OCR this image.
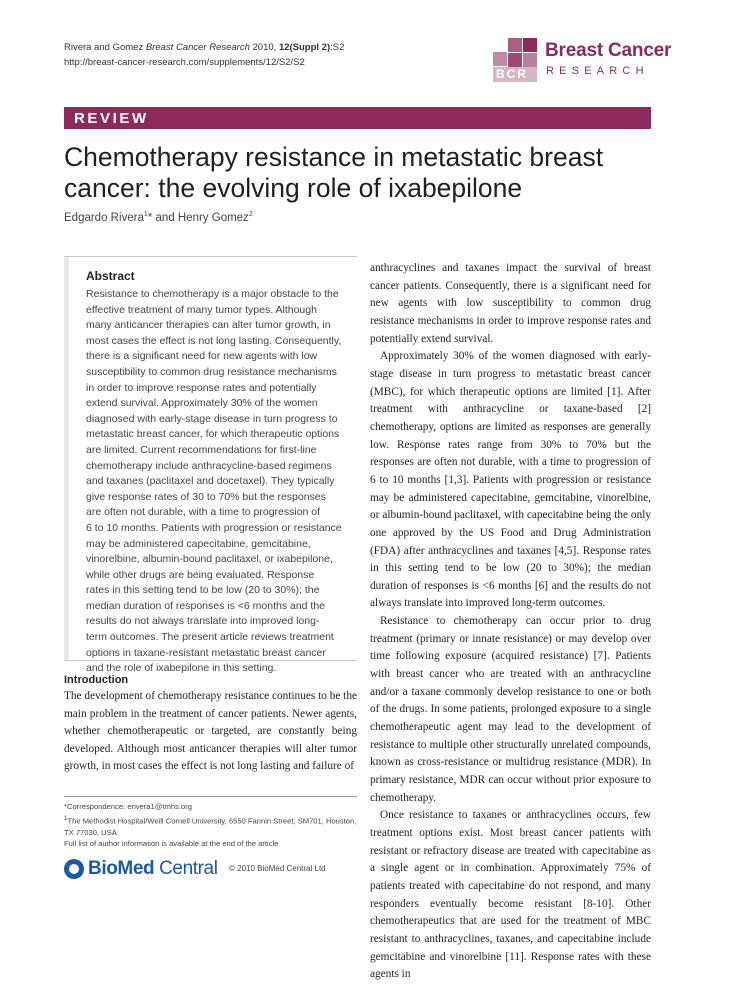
Rivera and Gomez Breast Cancer Research 2010, 12(Suppl 2):S2
http://breast-cancer-research.com/supplements/12/S2/S2
BCR
Breast Cancer
RESEARCH
REVIEW
Chemotherapy resistance in metastatic breast cancer: the evolving role of ixabepilone
Edgardo Rivera$^1$* and Henry Gomez$^2$
Abstract
Resistance to chemotherapy is a major obstacle to the
effective treatment of many tumor types. Although
many anticancer therapies can alter tumor growth, in
most cases the effect is not long lasting. Consequently,
there is a significant need for new agents with low
susceptibility to common drug resistance mechanisms
in order to improve response rates and potentially
extend survival. Approximately 30% of the women
diagnosed with early-stage disease in turn progress to
metastatic breast cancer, for which therapeutic options
are limited. Current recommendations for first-line
chemotherapy include anthracycline-based regimens
and taxanes (paclitaxel and docetaxel). They typically
give response rates of 30 to 70% but the responses
are often not durable, with a time to progression of
6 to 10 months. Patients with progression or resistance
may be administered capecitabine, gemcitabine,
vinorelbine, albumin-bound paclitaxel, or ixabepilone,
while other drugs are being evaluated. Response
rates in this setting tend to be low (20 to 30%); the
median duration of responses is <6 months and the
results do not always translate into improved long-
term outcomes. The present article reviews treatment
options in taxane-resistant metastatic breast cancer
and the role of ixabepilone in this setting.
Introduction
The development of chemotherapy resistance continues to be the main problem in the treatment of cancer patients. Newer agents, whether chemotherapeutic or targeted, are constantly being developed. Although most anticancer therapies will alter tumor growth, in most cases the effect is not long lasting and failure of
*Correspondence: erivera1@tmhs.org
$^1$The Methodist Hospital/Weill Cornell University, 6550 Fannin Street, SM701, Houston, TX 77030, USA
Full list of author information is available at the end of the article
BioMed Central © 2010 BioMed Central Ltd

anthracyclines and taxanes impact the survival of breast cancer patients. Consequently, there is a significant need for new agents with low susceptibility to common drug resistance mechanisms in order to improve response rates and potentially extend survival.

Approximately 30% of the women diagnosed with early-stage disease in turn progress to metastatic breast cancer (MBC), for which therapeutic options are limited [1]. After treatment with anthracycline or taxane-based [2] chemotherapy, options are limited as responses are generally low. Response rates range from 30% to 70% but the responses are often not durable, with a time to progression of 6 to 10 months [1,3]. Patients with progression or resistance may be administered capecitabine, gemcitabine, vinorelbine, or albumin-bound paclitaxel, with capecitabine being the only one approved by the US Food and Drug Administration (FDA) after anthracyclines and taxanes [4,5]. Response rates in this setting tend to be low (20 to 30%); the median duration of responses is <6 months [6] and the results do not always translate into improved long-term outcomes.

Resistance to chemotherapy can occur prior to drug treatment (primary or innate resistance) or may develop over time following exposure (acquired resistance) [7]. Patients with breast cancer who are treated with an anthracycline and/or a taxane commonly develop resistance to one or both of the drugs. In some patients, prolonged exposure to a single chemotherapeutic agent may lead to the development of resistance to multiple other structurally unrelated compounds, known as cross-resistance or multidrug resistance (MDR). In primary resistance, MDR can occur without prior exposure to chemotherapy.

Once resistance to taxanes or anthracyclines occurs, few treatment options exist. Most breast cancer patients with resistant or refractory disease are treated with capecitabine as a single agent or in combination. Approximately 75% of patients treated with capecitabine do not respond, and many responders eventually become resistant [8-10]. Other chemotherapeutics that are used for the treatment of MBC resistant to anthracyclines, taxanes, and capecitabine include gemcitabine and vinorelbine [11]. Response rates with these agents in
